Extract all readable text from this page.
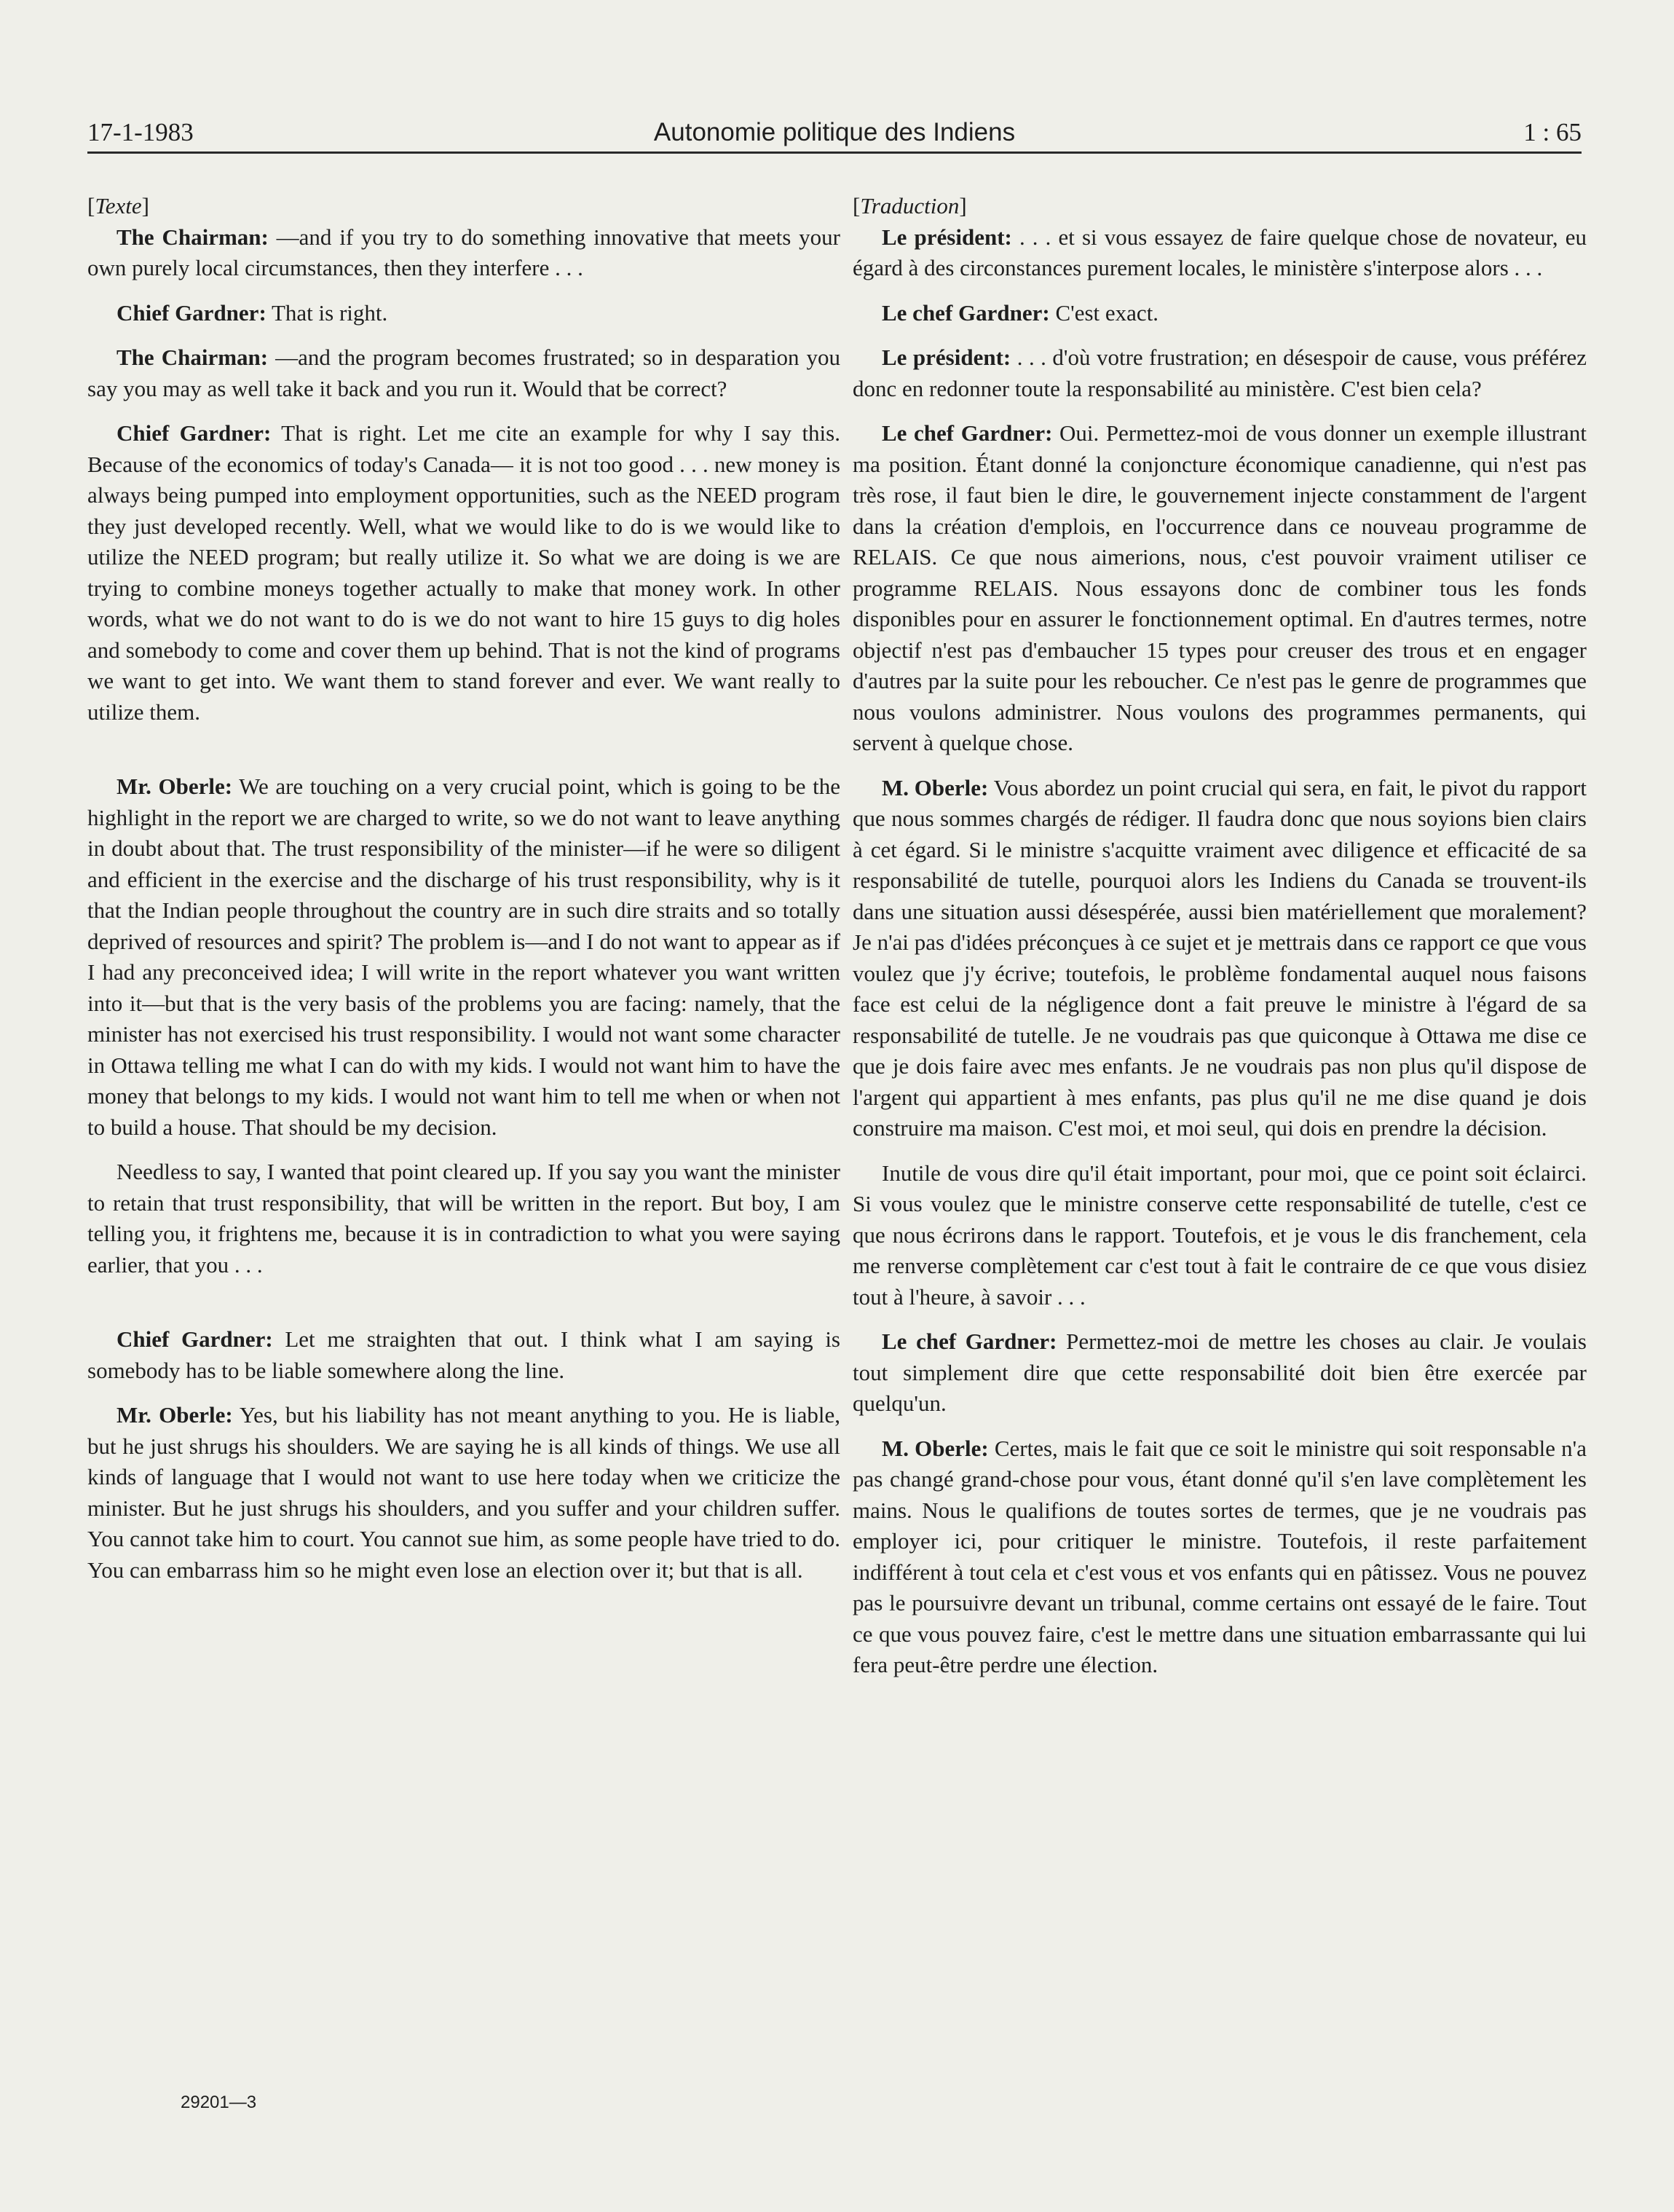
Autonomie politique des Indiens
17-1-1983	1 : 65

[Texte]

The Chairman: —and if you try to do something innovative that meets your own purely local circumstances, then they interfere . . .

Chief Gardner: That is right.

The Chairman: —and the program becomes frustrated; so in desparation you say you may as well take it back and you run it. Would that be correct?

Chief Gardner: That is right. Let me cite an example for why I say this. Because of the economics of today's Canada— it is not too good . . . new money is always being pumped into employment opportunities, such as the NEED program they just developed recently. Well, what we would like to do is we would like to utilize the NEED program; but really utilize it. So what we are doing is we are trying to combine moneys together actually to make that money work. In other words, what we do not want to do is we do not want to hire 15 guys to dig holes and somebody to come and cover them up behind. That is not the kind of programs we want to get into. We want them to stand forever and ever. We want really to utilize them.

Mr. Oberle: We are touching on a very crucial point, which is going to be the highlight in the report we are charged to write, so we do not want to leave anything in doubt about that. The trust responsibility of the minister—if he were so diligent and efficient in the exercise and the discharge of his trust responsibility, why is it that the Indian people throughout the country are in such dire straits and so totally deprived of resources and spirit? The problem is—and I do not want to appear as if I had any preconceived idea; I will write in the report whatever you want written into it—but that is the very basis of the problems you are facing: namely, that the minister has not exercised his trust responsibility. I would not want some character in Ottawa telling me what I can do with my kids. I would not want him to have the money that belongs to my kids. I would not want him to tell me when or when not to build a house. That should be my decision.

Needless to say, I wanted that point cleared up. If you say you want the minister to retain that trust responsibility, that will be written in the report. But boy, I am telling you, it frightens me, because it is in contradiction to what you were saying earlier, that you . . .

Chief Gardner: Let me straighten that out. I think what I am saying is somebody has to be liable somewhere along the line.

Mr. Oberle: Yes, but his liability has not meant anything to you. He is liable, but he just shrugs his shoulders. We are saying he is all kinds of things. We use all kinds of language that I would not want to use here today when we criticize the minister. But he just shrugs his shoulders, and you suffer and your children suffer. You cannot take him to court. You cannot sue him, as some people have tried to do. You can embarrass him so he might even lose an election over it; but that is all.

[Traduction]

Le président: . . . et si vous essayez de faire quelque chose de novateur, eu égard à des circonstances purement locales, le ministère s'interpose alors . . .

Le chef Gardner: C'est exact.

Le président: . . . d'où votre frustration; en désespoir de cause, vous préférez donc en redonner toute la responsabilité au ministère. C'est bien cela?

Le chef Gardner: Oui. Permettez-moi de vous donner un exemple illustrant ma position. Étant donné la conjoncture économique canadienne, qui n'est pas très rose, il faut bien le dire, le gouvernement injecte constamment de l'argent dans la création d'emplois, en l'occurrence dans ce nouveau programme de RELAIS. Ce que nous aimerions, nous, c'est pouvoir vraiment utiliser ce programme RELAIS. Nous essayons donc de combiner tous les fonds disponibles pour en assurer le fonctionnement optimal. En d'autres termes, notre objectif n'est pas d'embaucher 15 types pour creuser des trous et en engager d'autres par la suite pour les reboucher. Ce n'est pas le genre de programmes que nous voulons administrer. Nous voulons des programmes permanents, qui servent à quelque chose.

M. Oberle: Vous abordez un point crucial qui sera, en fait, le pivot du rapport que nous sommes chargés de rédiger. Il faudra donc que nous soyions bien clairs à cet égard. Si le ministre s'acquitte vraiment avec diligence et efficacité de sa responsabilité de tutelle, pourquoi alors les Indiens du Canada se trouvent-ils dans une situation aussi désespérée, aussi bien matériellement que moralement? Je n'ai pas d'idées préconçues à ce sujet et je mettrais dans ce rapport ce que vous voulez que j'y écrive; toutefois, le problème fondamental auquel nous faisons face est celui de la négligence dont a fait preuve le ministre à l'égard de sa responsabilité de tutelle. Je ne voudrais pas que quiconque à Ottawa me dise ce que je dois faire avec mes enfants. Je ne voudrais pas non plus qu'il dispose de l'argent qui appartient à mes enfants, pas plus qu'il ne me dise quand je dois construire ma maison. C'est moi, et moi seul, qui dois en prendre la décision.

Inutile de vous dire qu'il était important, pour moi, que ce point soit éclairci. Si vous voulez que le ministre conserve cette responsabilité de tutelle, c'est ce que nous écrirons dans le rapport. Toutefois, et je vous le dis franchement, cela me renverse complètement car c'est tout à fait le contraire de ce que vous disiez tout à l'heure, à savoir . . .

Le chef Gardner: Permettez-moi de mettre les choses au clair. Je voulais tout simplement dire que cette responsabilité doit bien être exercée par quelqu'un.

M. Oberle: Certes, mais le fait que ce soit le ministre qui soit responsable n'a pas changé grand-chose pour vous, étant donné qu'il s'en lave complètement les mains. Nous le qualifions de toutes sortes de termes, que je ne voudrais pas employer ici, pour critiquer le ministre. Toutefois, il reste parfaitement indifférent à tout cela et c'est vous et vos enfants qui en pâtissez. Vous ne pouvez pas le poursuivre devant un tribunal, comme certains ont essayé de le faire. Tout ce que vous pouvez faire, c'est le mettre dans une situation embarrassante qui lui fera peut-être perdre une élection.

29201—3
